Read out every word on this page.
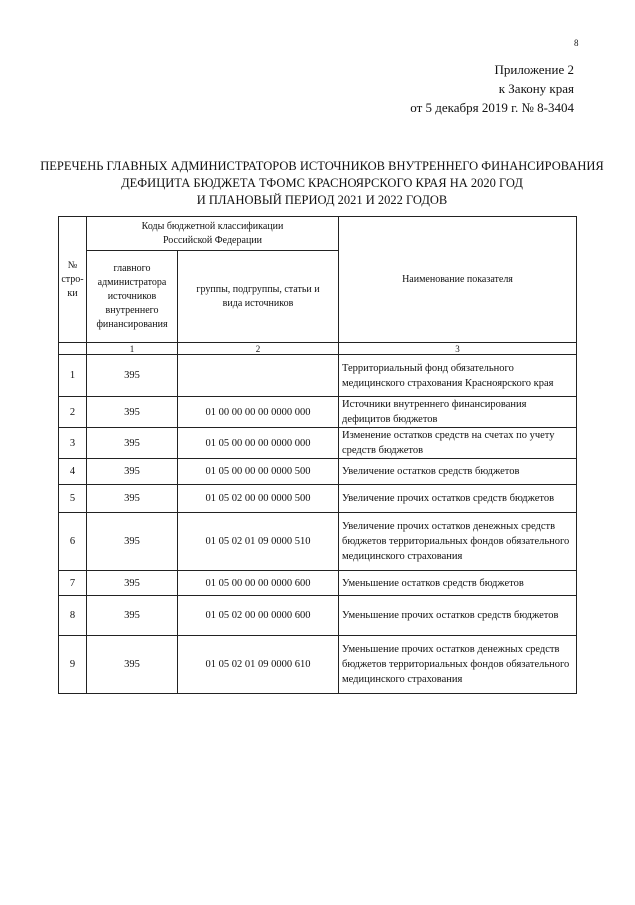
8
Приложение 2
к Закону края
от 5 декабря 2019 г. № 8-3404
ПЕРЕЧЕНЬ ГЛАВНЫХ АДМИНИСТРАТОРОВ ИСТОЧНИКОВ ВНУТРЕННЕГО ФИНАНСИРОВАНИЯ
ДЕФИЦИТА БЮДЖЕТА ТФОМС КРАСНОЯРСКОГО КРАЯ НА 2020 ГОД
И ПЛАНОВЫЙ ПЕРИОД 2021 И 2022 ГОДОВ
№ стро- ки	Коды бюджетной классификации Российской Федерации		Наименование показателя
	главного администратора источников внутреннего финансирования	группы, подгруппы, статьи и вида источников	
	1	2	3
1	395		Территориальный фонд обязательного медицинского страхования Красноярского края
2	395	01 00 00 00 00 0000 000	Источники внутреннего финансирования дефицитов бюджетов
3	395	01 05 00 00 00 0000 000	Изменение остатков средств на счетах по учету средств бюджетов
4	395	01 05 00 00 00 0000 500	Увеличение остатков средств бюджетов
5	395	01 05 02 00 00 0000 500	Увеличение прочих остатков средств бюджетов
6	395	01 05 02 01 09 0000 510	Увеличение прочих остатков денежных средств бюджетов территориальных фондов обязательного медицинского страхования
7	395	01 05 00 00 00 0000 600	Уменьшение остатков средств бюджетов
8	395	01 05 02 00 00 0000 600	Уменьшение прочих остатков средств бюджетов
9	395	01 05 02 01 09 0000 610	Уменьшение прочих остатков денежных средств бюджетов территориальных фондов обязательного медицинского страхования
